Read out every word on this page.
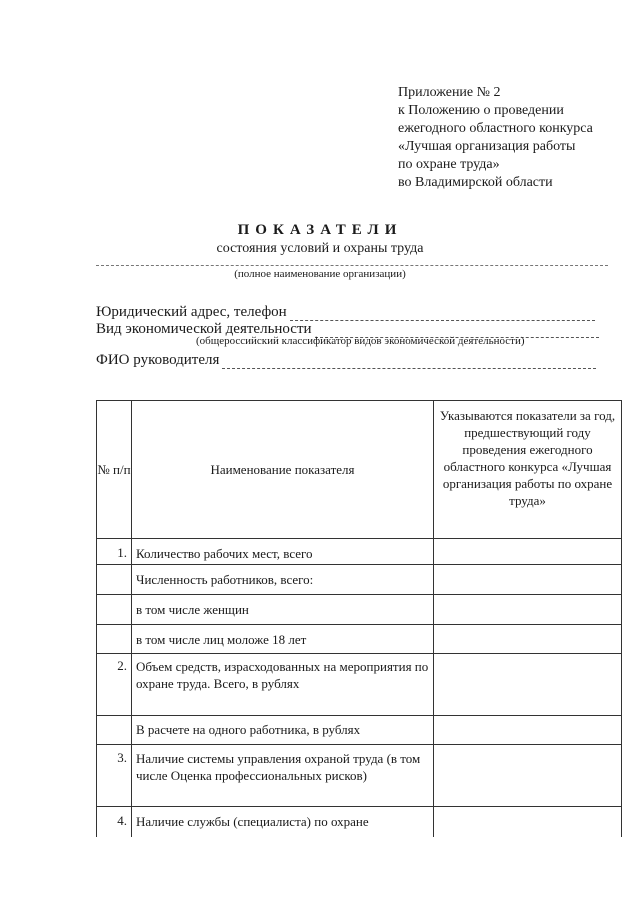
Приложение № 2
к Положению о проведении
ежегодного областного конкурса
«Лучшая организация работы
по охране труда»
во Владимирской области
ПОКАЗАТЕЛИ
состояния условий и охраны труда
(полное наименование организации)
Юридический адрес, телефон
Вид экономической деятельности
(общероссийский классификатор видов экономической деятельности)
ФИО руководителя
№ п/п	Наименование показателя	Указываются показатели за год, предшествующий году проведения ежегодного областного конкурса «Лучшая организация работы по охране труда»
1.	Количество рабочих мест, всего	
	Численность работников, всего:	
	в том числе женщин	
	в том числе лиц моложе 18 лет	
2.	Объем средств, израсходованных на мероприятия по охране труда. Всего, в рублях	
	В расчете на одного работника, в рублях	
3.	Наличие системы управления охраной труда (в том числе Оценка профессиональных рисков)	
4.	Наличие службы (специалиста) по охране	
